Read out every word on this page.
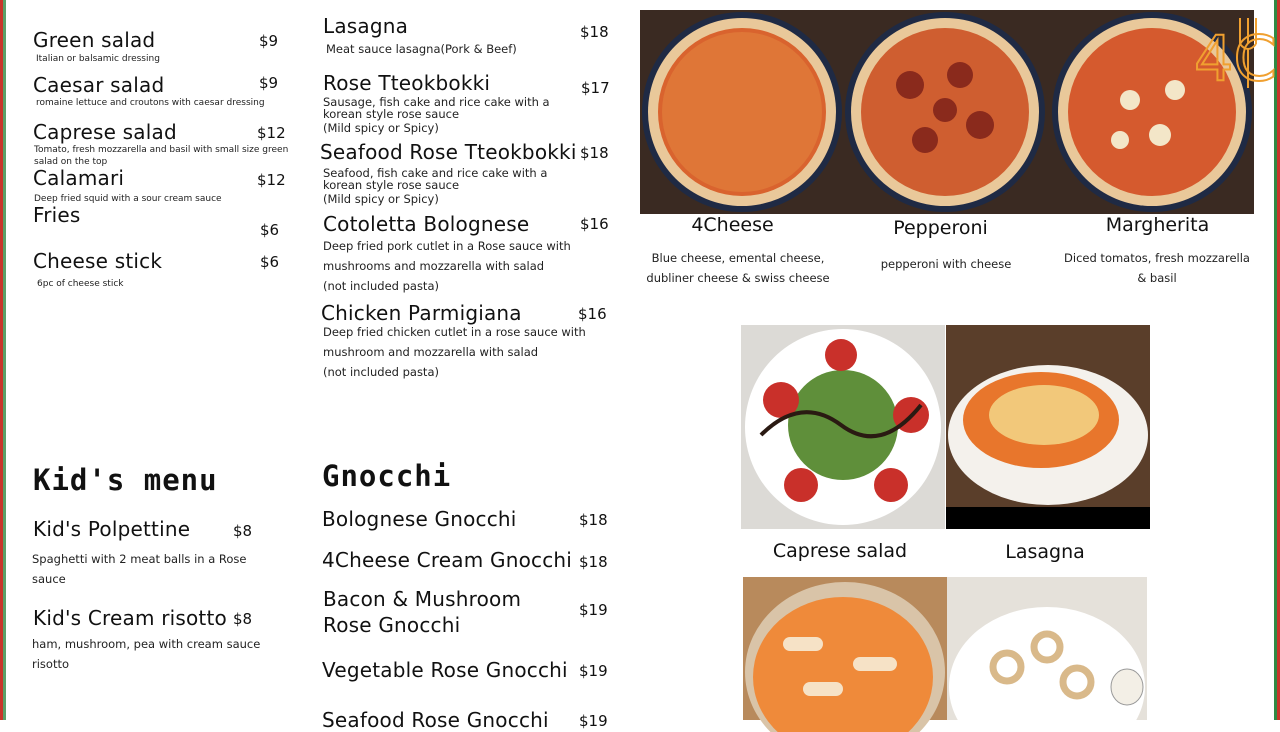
Green salad	$9
Italian or balsamic dressing
Caesar salad	$9
romaine lettuce and croutons with caesar dressing
Caprese salad	$12
Tomato, fresh mozzarella and basil with small size green salad on the top
Calamari	$12
Deep fried squid with a sour cream sauce
Fries
$6
Cheese stick	$6
6pc of cheese stick
Lasagna	$18
Meat sauce lasagna(Pork & Beef)
Rose Tteokbokki	$17
Sausage, fish cake and rice cake with a korean style rose sauce
(Mild spicy or Spicy)
Seafood Rose Tteokbokki $18
Seafood, fish cake and rice cake with a korean style rose sauce
(Mild spicy or Spicy)
Cotoletta Bolognese	$16
Deep fried pork cutlet in a Rose sauce with mushrooms and mozzarella with salad
(not included pasta)
Chicken Parmigiana	$16
Deep fried chicken cutlet in a rose sauce with mushroom and mozzarella with salad
(not included pasta)
Kid's menu
Kid's Polpettine	$8
Spaghetti with 2 meat balls in a Rose sauce
Kid's Cream risotto $8
ham, mushroom, pea with cream sauce risotto
Gnocchi
Bolognese Gnocchi	$18
4Cheese Cream Gnocchi $18
Bacon & Mushroom
Rose Gnocchi
$19
Vegetable Rose Gnocchi $19
Seafood Rose Gnocchi $19
4C
4Cheese
Blue cheese, emental cheese, dubliner cheese & swiss cheese
Pepperoni
pepperoni with cheese
Margherita
Diced tomatos, fresh mozzarella & basil
Caprese salad	Lasagna
